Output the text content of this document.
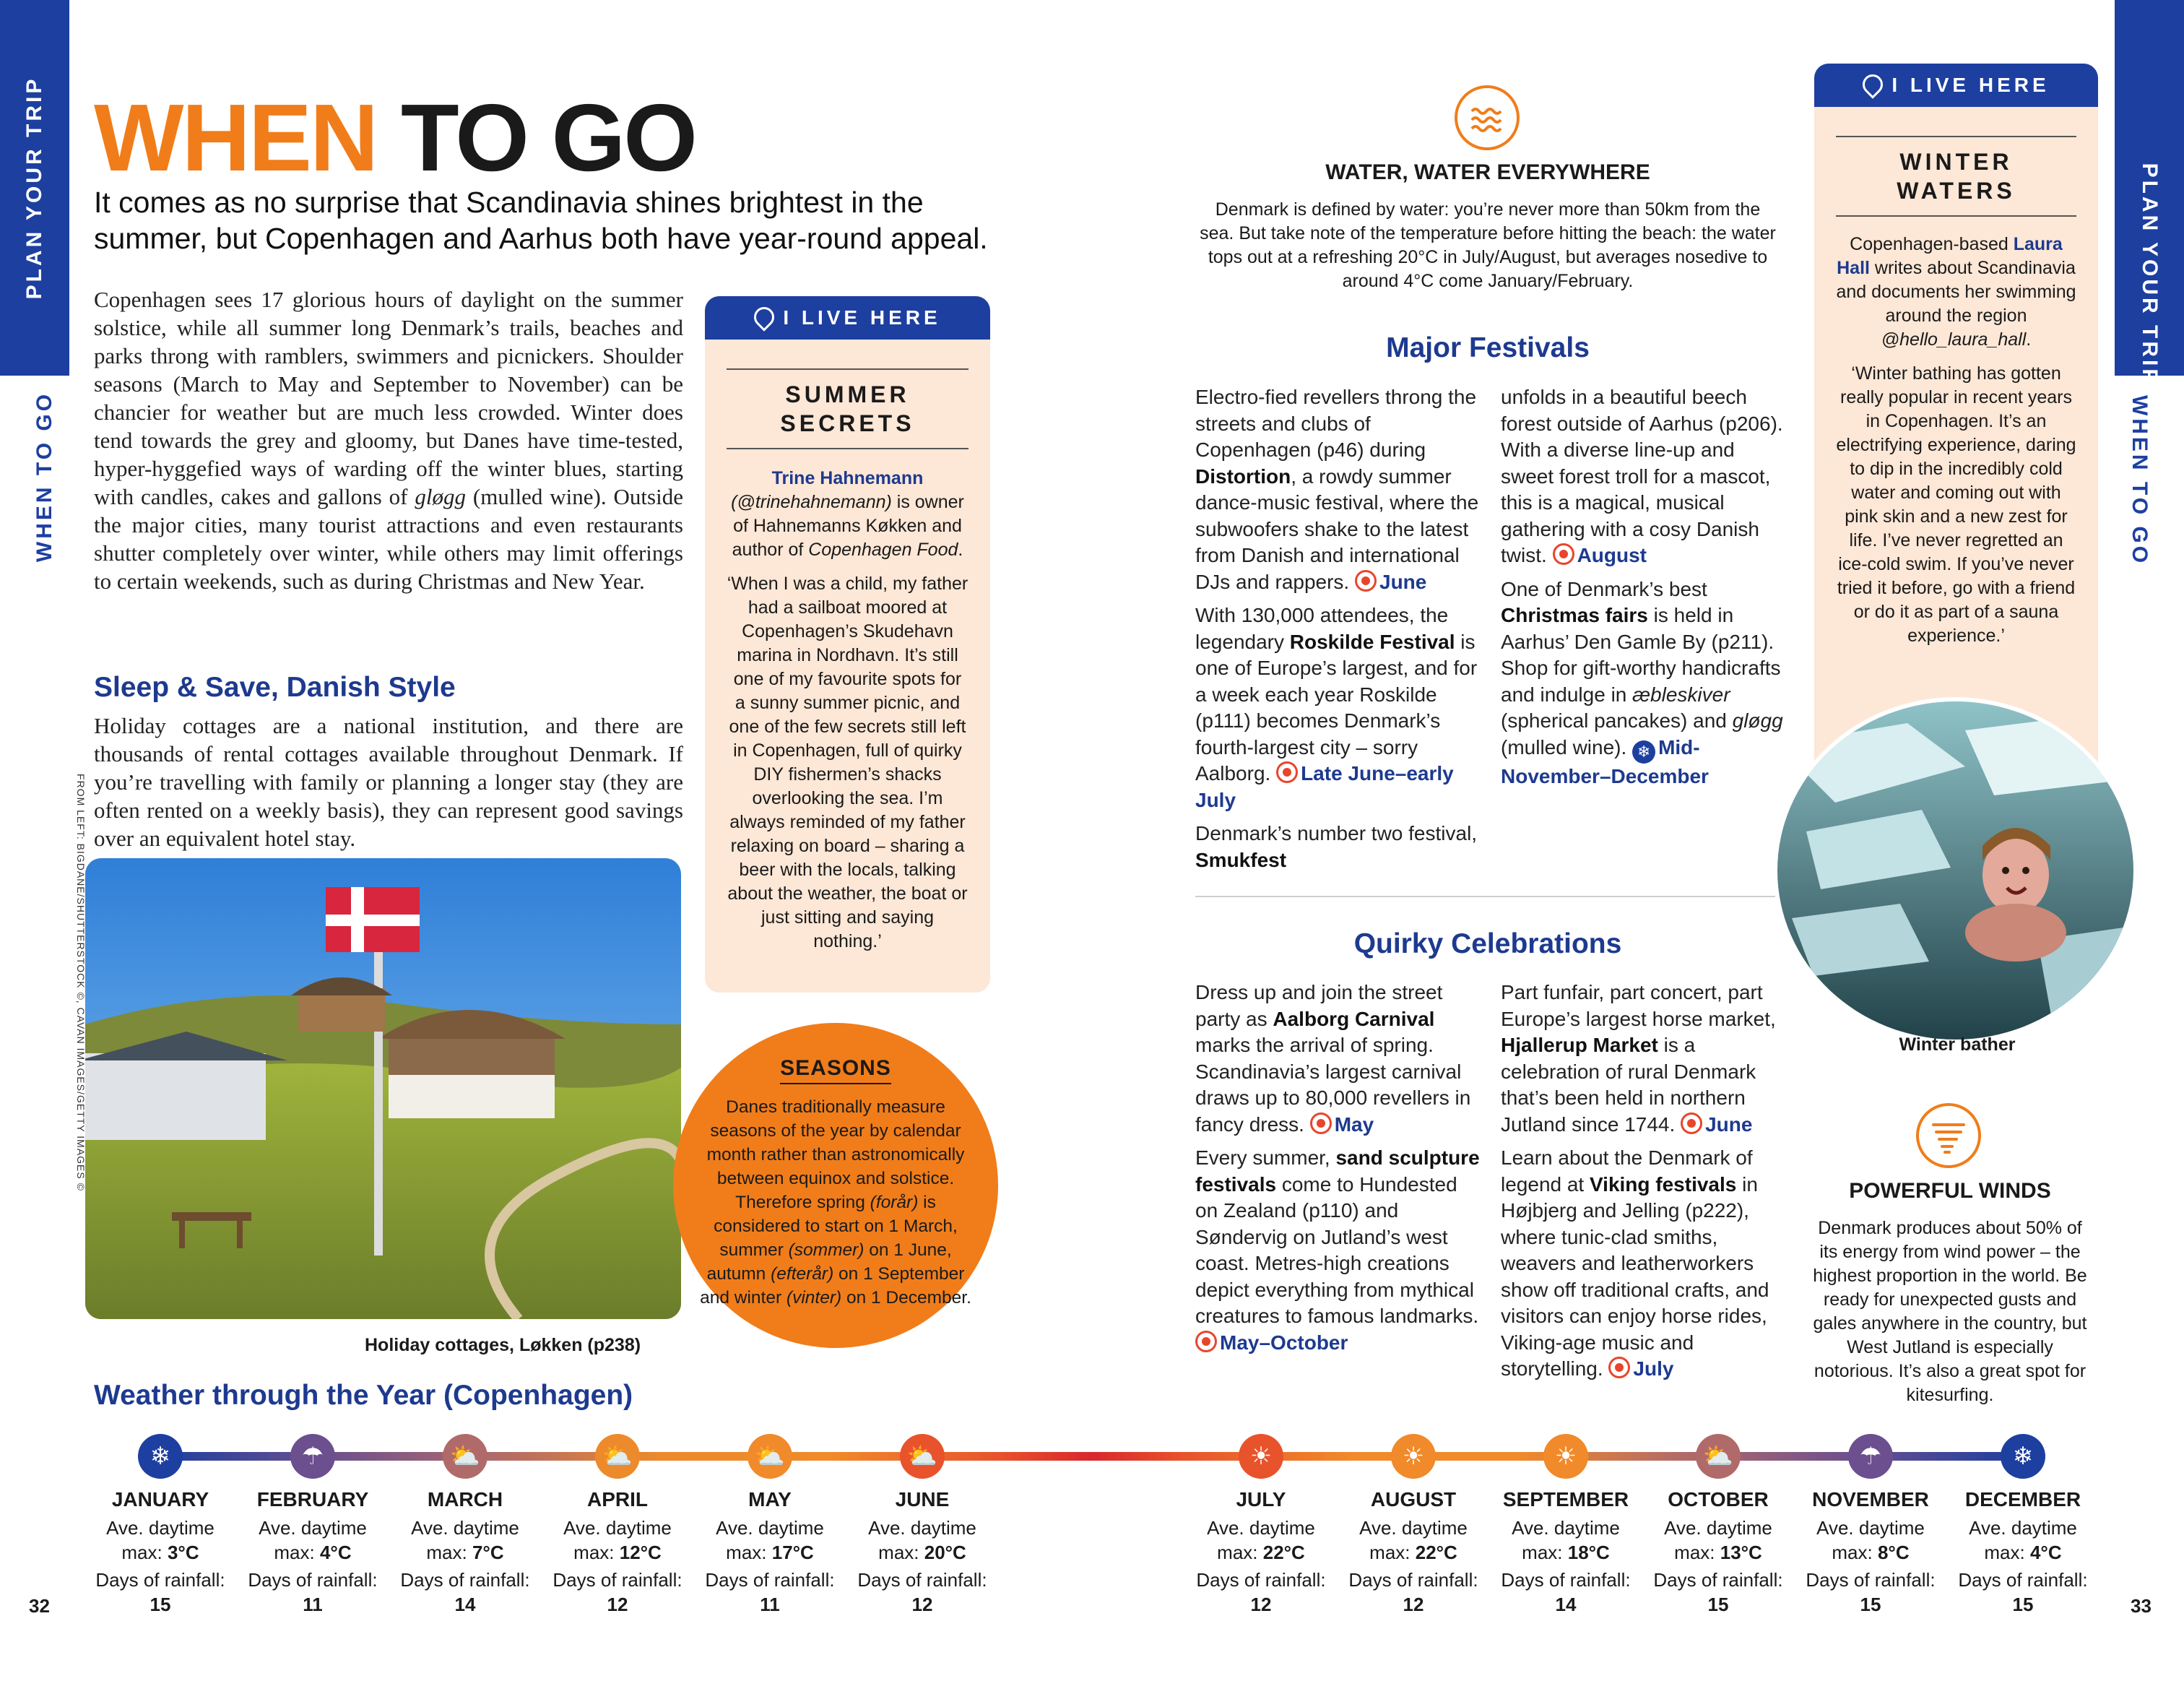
PLAN YOUR TRIP
WHEN TO GO
PLAN YOUR TRIP
WHEN TO GO
WHEN TO GO
It comes as no surprise that Scandinavia shines brightest in the summer, but Copenhagen and Aarhus both have year-round appeal.
Copenhagen sees 17 glorious hours of daylight on the summer solstice, while all summer long Denmark’s trails, beaches and parks throng with ramblers, swimmers and picnickers. Shoulder seasons (March to May and September to November) can be chancier for weather but are much less crowded. Winter does tend towards the grey and gloomy, but Danes have time-tested, hyper-hyggefied ways of warding off the winter blues, starting with candles, cakes and gallons of gløgg (mulled wine). Outside the major cities, many tourist attractions and even restaurants shutter completely over winter, while others may limit offerings to certain weekends, such as during Christmas and New Year.
Sleep & Save, Danish Style
Holiday cottages are a national institution, and there are thousands of rental cottages available throughout Denmark. If you’re travelling with family or planning a longer stay (they are often rented on a weekly basis), they can represent good savings over an equivalent hotel stay.
FROM LEFT: BIGDANE/SHUTTERSTOCK ©, CAVAN IMAGES/GETTY IMAGES ©
Holiday cottages, Løkken (p238)
I LIVE HERE
SUMMER SECRETS
Trine Hahnemann
(@trinehahnemann) is owner of Hahnemanns Køkken and author of Copenhagen Food.
‘When I was a child, my father had a sailboat moored at Copenhagen’s Skudehavn marina in Nordhavn. It’s still one of my favourite spots for a sunny summer picnic, and one of the few secrets still left in Copenhagen, full of quirky DIY fishermen’s shacks overlooking the sea. I’m always reminded of my father relaxing on board – sharing a beer with the locals, talking about the weather, the boat or just sitting and saying nothing.’
SEASONS
Danes traditionally measure seasons of the year by calendar month rather than astronomically between equinox and solstice. Therefore spring (forår) is considered to start on 1 March, summer (sommer) on 1 June, autumn (efterår) on 1 September and winter (vinter) on 1 December.
WATER, WATER EVERYWHERE
Denmark is defined by water: you’re never more than 50km from the sea. But take note of the temperature before hitting the beach: the water tops out at a refreshing 20°C in July/August, but averages nosedive to around 4°C come January/February.
Major Festivals

Electro-fied revellers throng the streets and clubs of Copenhagen (p46) during Distortion, a rowdy summer dance-music festival, where the subwoofers shake to the latest from Danish and international DJs and rappers. June

With 130,000 attendees, the legendary Roskilde Festival is one of Europe’s largest, and for a week each year Roskilde (p111) becomes Denmark’s fourth-largest city – sorry Aalborg. Late June–early July

Denmark’s number two festival, Smukfest

unfolds in a beautiful beech forest outside of Aarhus (p206). With a diverse line-up and sweet forest troll for a mascot, this is a magical, musical gathering with a cosy Danish twist. August

One of Denmark’s best Christmas fairs is held in Aarhus’ Den Gamle By (p211). Shop for gift-worthy handicrafts and indulge in æbleskiver (spherical pancakes) and gløgg (mulled wine). ❄ Mid-November–December

Quirky Celebrations

Dress up and join the street party as Aalborg Carnival marks the arrival of spring. Scandinavia’s largest carnival draws up to 80,000 revellers in fancy dress. May

Every summer, sand sculpture festivals come to Hundested on Zealand (p110) and Søndervig on Jutland’s west coast. Metres-high creations depict everything from mythical creatures to famous landmarks. May–October

Part funfair, part concert, part Europe’s largest horse market, Hjallerup Market is a celebration of rural Denmark that’s been held in northern Jutland since 1744. June

Learn about the Denmark of legend at Viking festivals in Højbjerg and Jelling (p222), where tunic-clad smiths, weavers and leatherworkers show off traditional crafts, and visitors can enjoy horse rides, Viking-age music and storytelling. July

I LIVE HERE
WINTER WATERS
Copenhagen-based Laura Hall writes about Scandinavia and documents her swimming around the region @hello_laura_hall.
‘Winter bathing has gotten really popular in recent years in Copenhagen. It’s an electrifying experience, daring to dip in the incredibly cold water and coming out with pink skin and a new zest for life. I’ve never regretted an ice-cold swim. If you’ve never tried it before, go with a friend or do it as part of a sauna experience.’
Winter bather
POWERFUL WINDS
Denmark produces about 50% of its energy from wind power – the highest proportion in the world. Be ready for unexpected gusts and gales anywhere in the country, but West Jutland is especially notorious. It’s also a great spot for kitesurfing.
Weather through the Year (Copenhagen)
❄
JANUARY
Ave. daytime
max: 3°C
Days of rainfall:
15
☂
FEBRUARY
Ave. daytime
max: 4°C
Days of rainfall:
11
⛅
MARCH
Ave. daytime
max: 7°C
Days of rainfall:
14
⛅
APRIL
Ave. daytime
max: 12°C
Days of rainfall:
12
⛅
MAY
Ave. daytime
max: 17°C
Days of rainfall:
11
⛅
JUNE
Ave. daytime
max: 20°C
Days of rainfall:
12
☀
JULY
Ave. daytime
max: 22°C
Days of rainfall:
12
☀
AUGUST
Ave. daytime
max: 22°C
Days of rainfall:
12
☀
SEPTEMBER
Ave. daytime
max: 18°C
Days of rainfall:
14
⛅
OCTOBER
Ave. daytime
max: 13°C
Days of rainfall:
15
☂
NOVEMBER
Ave. daytime
max: 8°C
Days of rainfall:
15
❄
DECEMBER
Ave. daytime
max: 4°C
Days of rainfall:
15
32	33
